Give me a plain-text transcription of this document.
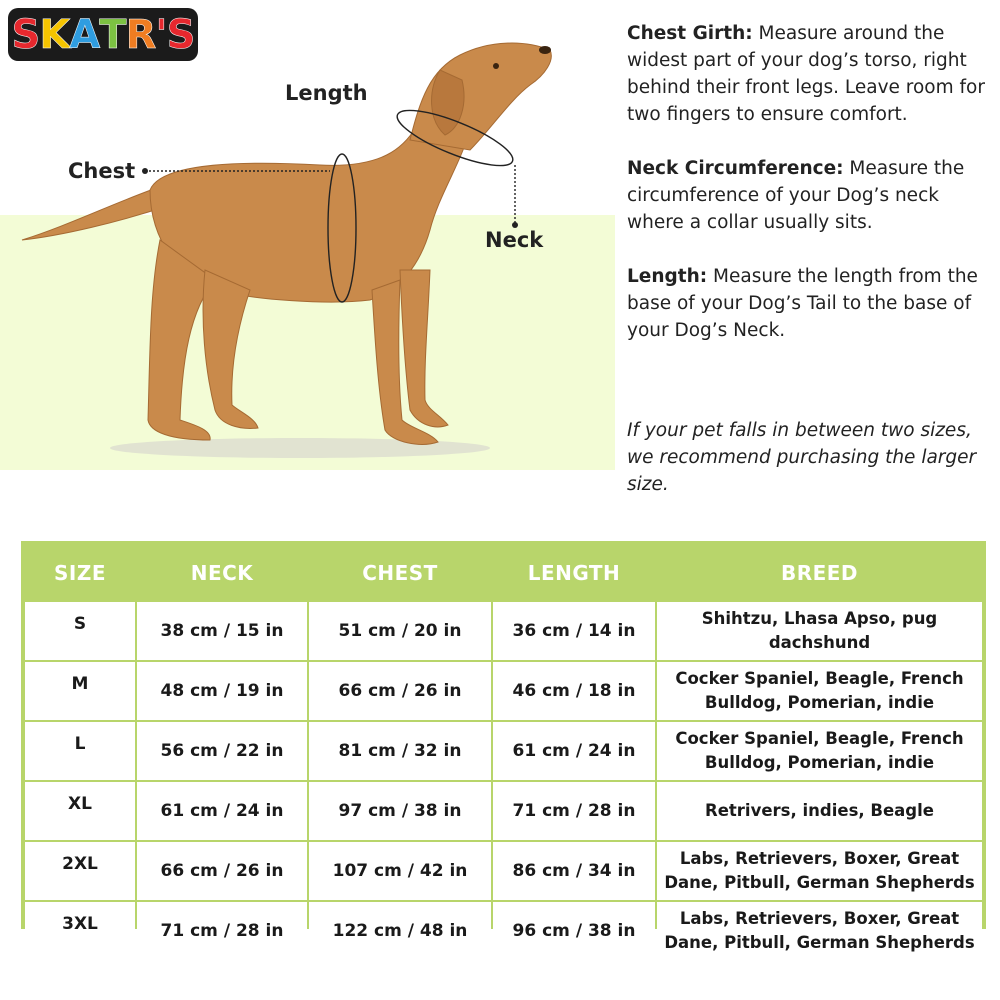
S K A T R ' S
Length
Chest
Neck

Chest Girth: Measure around the widest part of your dog’s torso, right behind their front legs. Leave room for two fingers to ensure comfort.

Neck Circumference: Measure the circumference of your Dog’s neck where a collar usually sits.

Length: Measure the length from the base of your Dog’s Tail to the base of your Dog’s Neck.

If your pet falls in between two sizes, we recommend purchasing the larger size.
SIZE	NECK	CHEST	LENGTH	BREED
S	38 cm / 15 in	51 cm / 20 in	36 cm / 14 in	Shihtzu, Lhasa Apso, pug dachshund
M	48 cm / 19 in	66 cm / 26 in	46 cm / 18 in	Cocker Spaniel, Beagle, French Bulldog, Pomerian, indie
L	56 cm / 22 in	81 cm / 32 in	61 cm / 24 in	Cocker Spaniel, Beagle, French Bulldog, Pomerian, indie
XL	61 cm / 24 in	97 cm / 38 in	71 cm / 28 in	Retrivers, indies, Beagle
2XL	66 cm / 26 in	107 cm / 42 in	86 cm / 34 in	Labs, Retrievers, Boxer, Great Dane, Pitbull, German Shepherds
3XL	71 cm / 28 in	122 cm / 48 in	96 cm / 38 in	Labs, Retrievers, Boxer, Great Dane, Pitbull, German Shepherds
